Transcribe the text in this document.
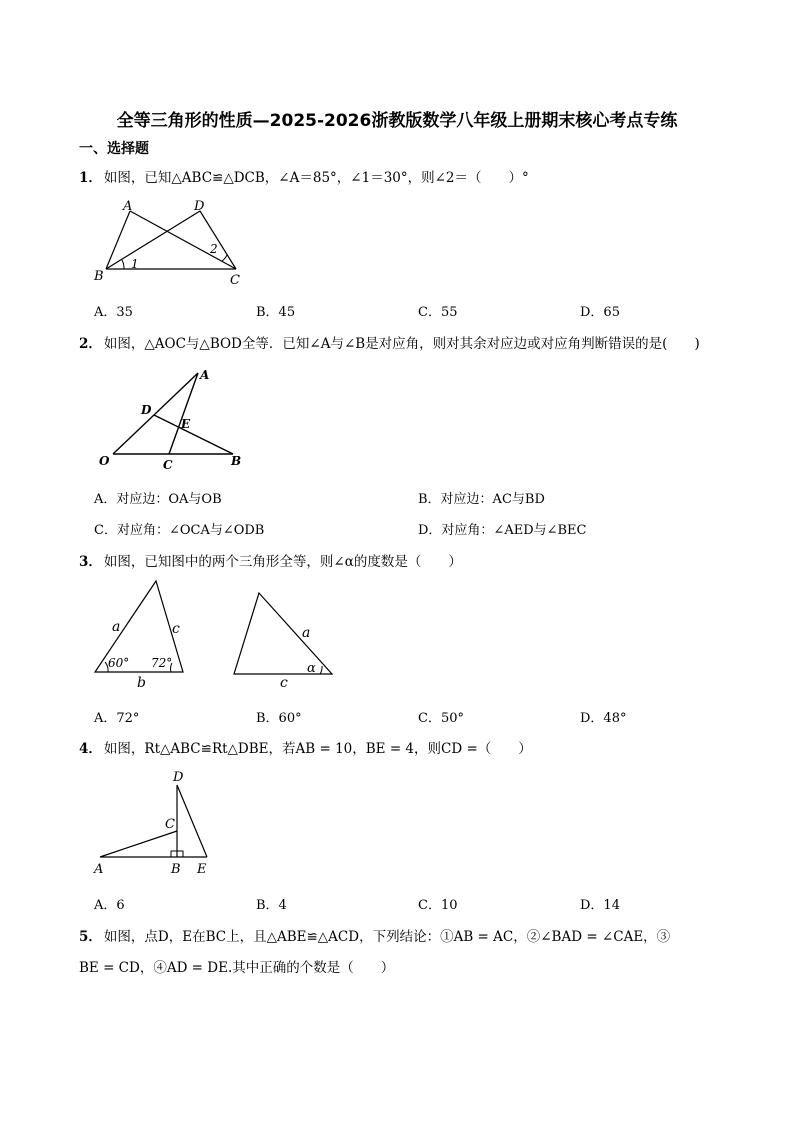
全等三角形的性质—2025-2026浙教版数学八年级上册期末核心考点专练
一、选择题
1． 如图，已知△ABC≌△DCB，∠A＝85°，∠1＝30°，则∠2＝（　　）°
A	D
B	C
1
2
A．35	B．45	C．55	D．65
2． 如图，△AOC与△BOD全等．已知∠A与∠B是对应角，则对其余对应边或对应角判断错误的是(　　)
A
D
E
O	C	B
A．对应边：OA与OB	B．对应边：AC与BD
C．对应角：∠OCA与∠ODB	D．对应角：∠AED与∠BEC
3． 如图，已知图中的两个三角形全等，则∠α的度数是（　　）
a	c
60° 72°
b
a
α
c
A．72°	B．60°	C．50°	D．48°
4． 如图，Rt△ABC≌Rt△DBE，若AB = 10，BE = 4，则CD =（　　）
D
C
A	B E
A．6	B．4	C．10	D．14
5． 如图，点D，E在BC上，且△ABE≌△ACD，下列结论：①AB = AC，②∠BAD = ∠CAE，③
BE = CD，④AD = DE.其中正确的个数是（　　）
